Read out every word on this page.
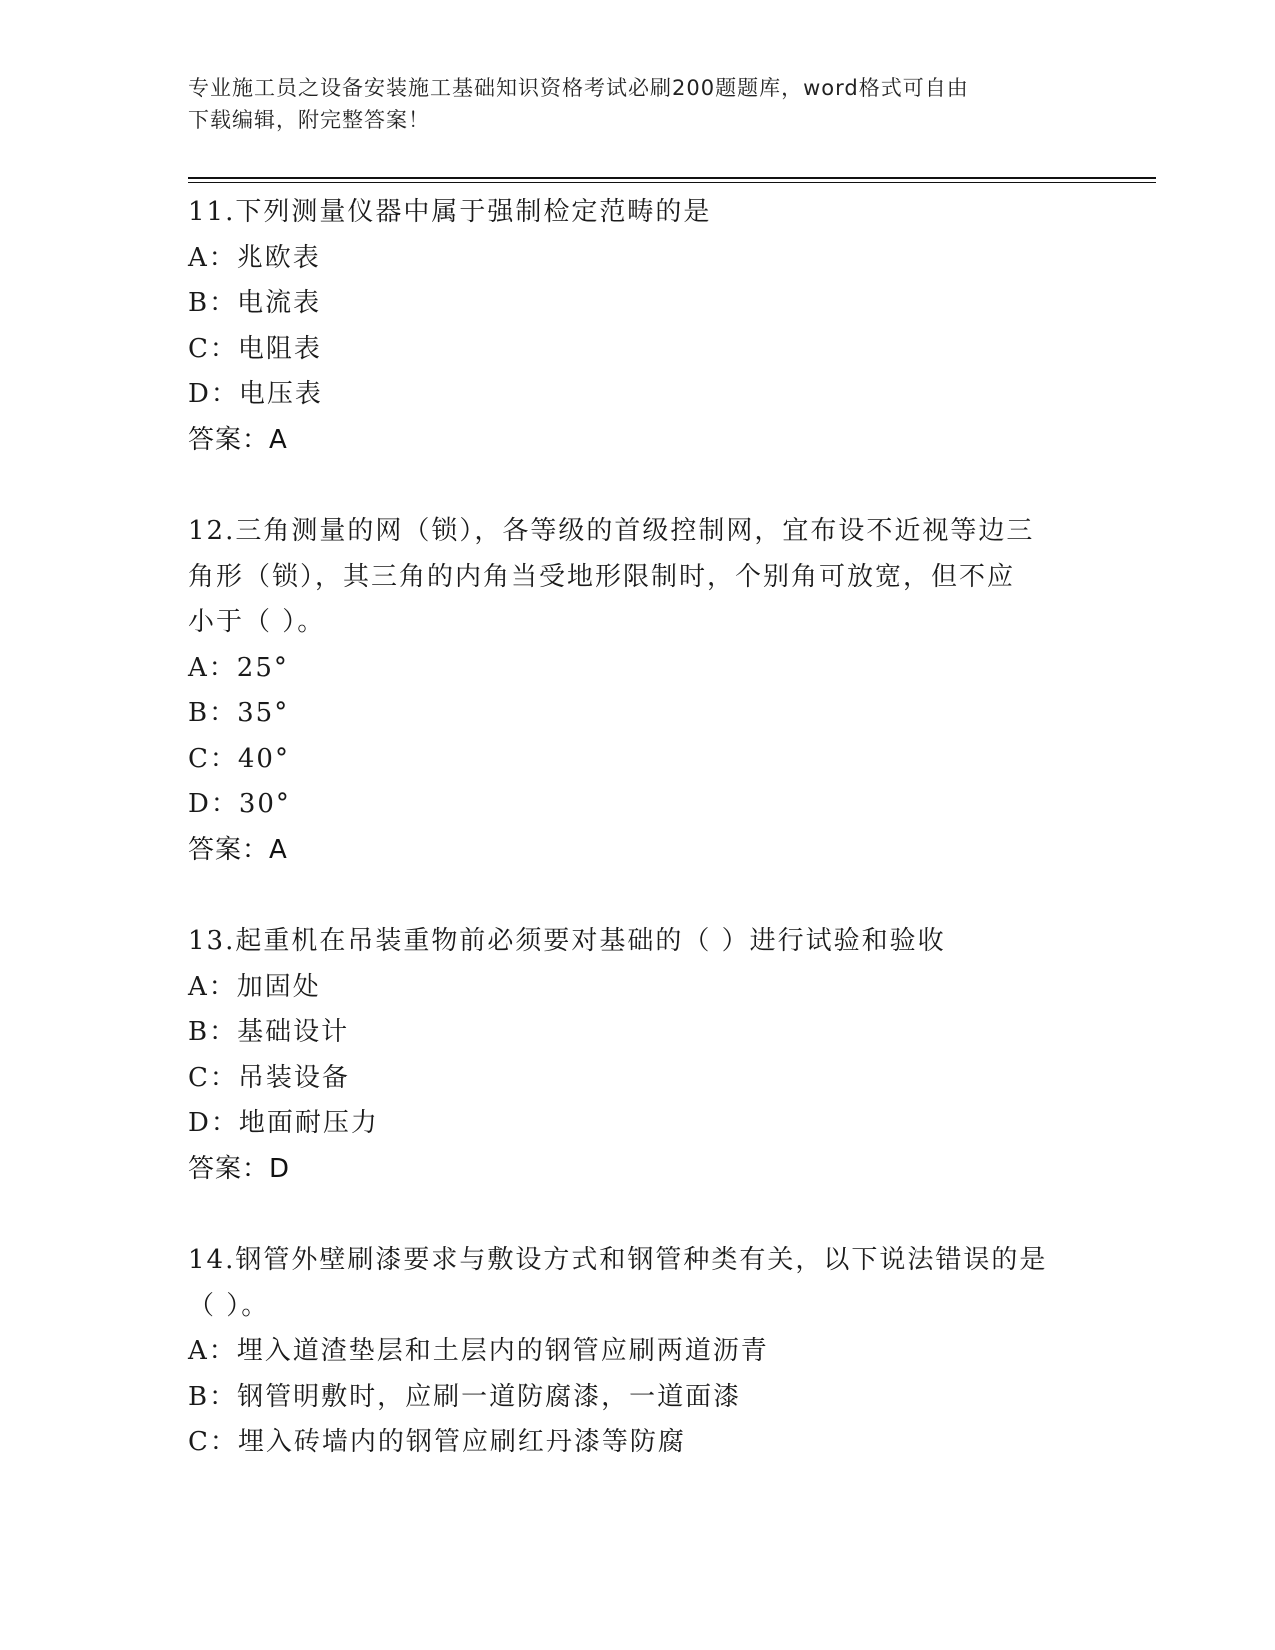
专业施工员之设备安装施工基础知识资格考试必刷200题题库，word格式可自由
下载编辑，附完整答案！
11.下列测量仪器中属于强制检定范畴的是
A：兆欧表
B：电流表
C：电阻表
D：电压表
答案：A
12.三角测量的网（锁），各等级的首级控制网，宜布设不近视等边三
角形（锁），其三角的内角当受地形限制时，个别角可放宽，但不应
小于（ ）。
A：25°
B：35°
C：40°
D：30°
答案：A
13.起重机在吊装重物前必须要对基础的（ ）进行试验和验收
A：加固处
B：基础设计
C：吊装设备
D：地面耐压力
答案：D
14.钢管外壁刷漆要求与敷设方式和钢管种类有关，以下说法错误的是
（ ）。
A：埋入道渣垫层和土层内的钢管应刷两道沥青
B：钢管明敷时，应刷一道防腐漆，一道面漆
C：埋入砖墙内的钢管应刷红丹漆等防腐
